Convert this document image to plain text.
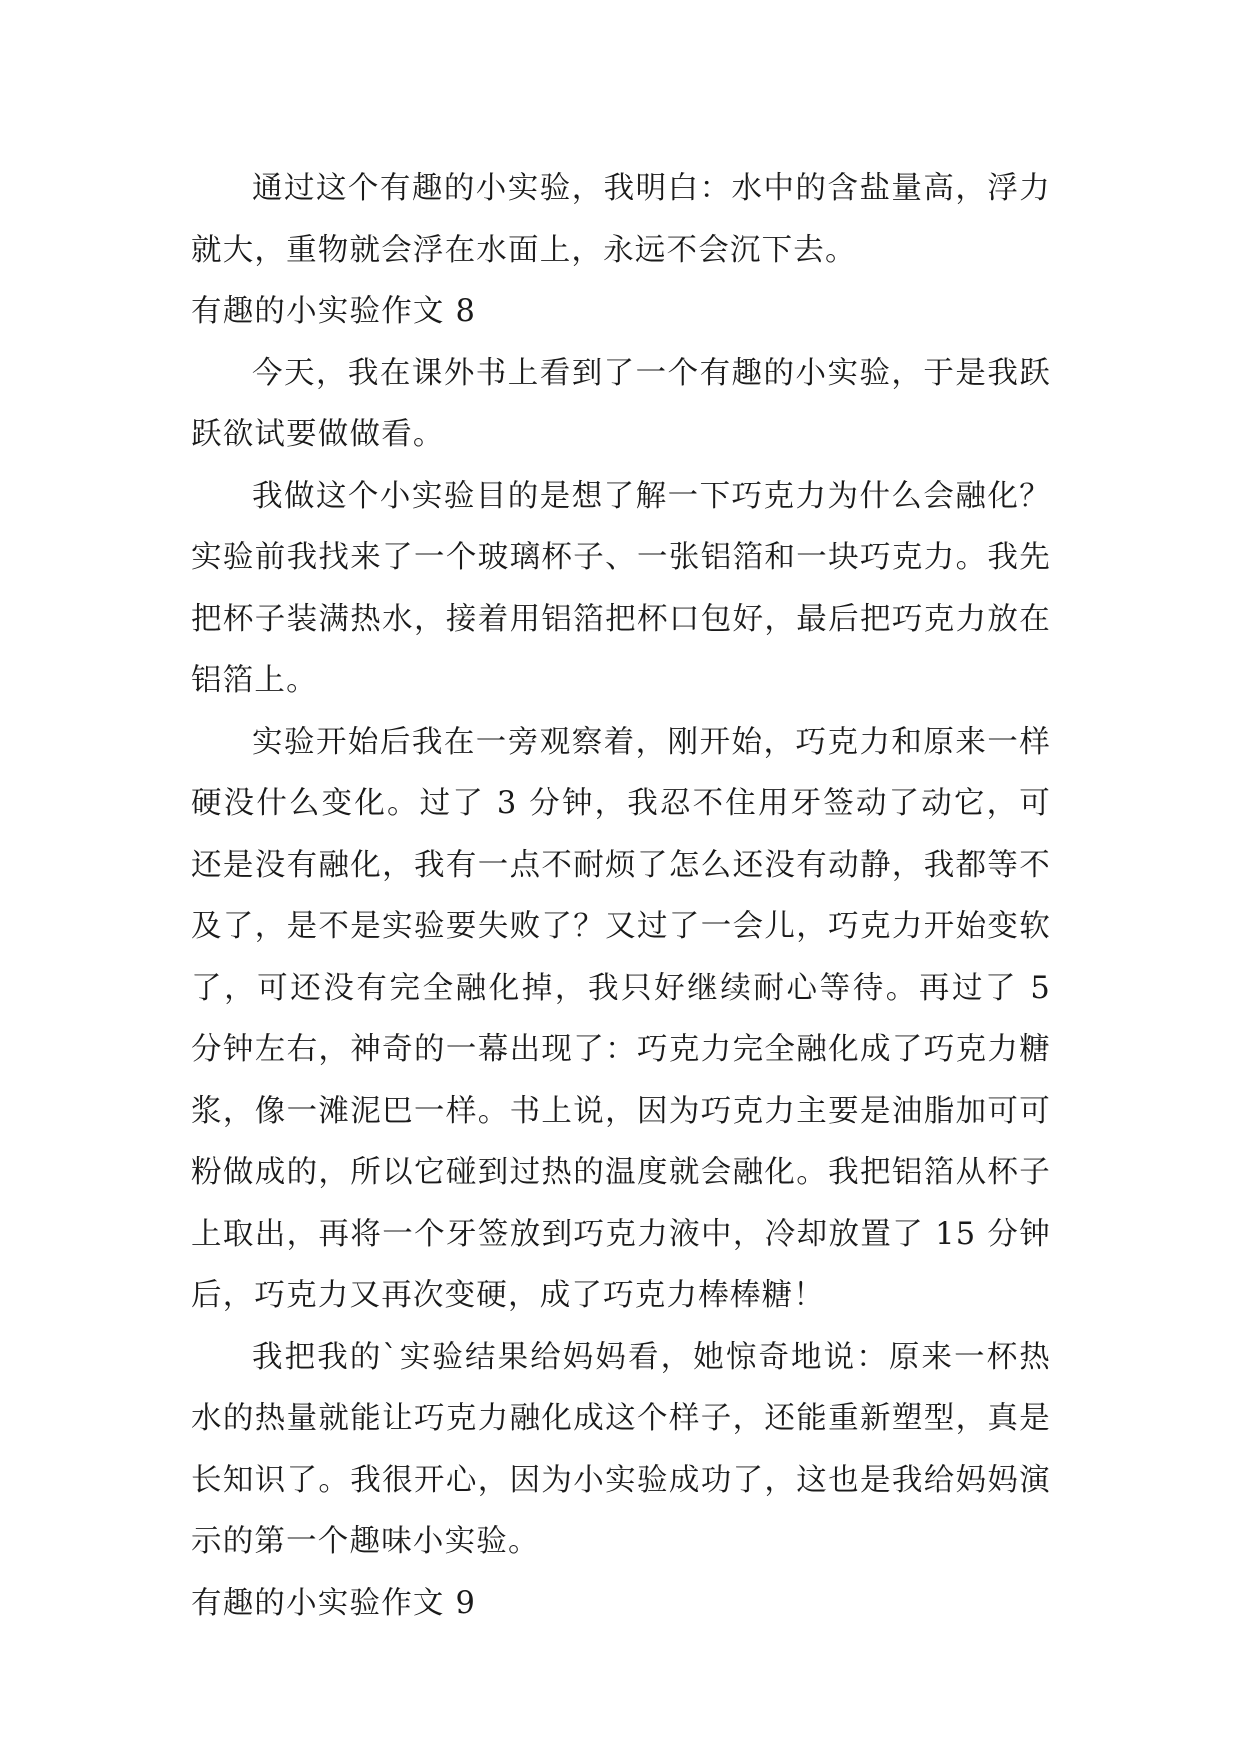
通过这个有趣的小实验，我明白：水中的含盐量高，浮力就大，重物就会浮在水面上，永远不会沉下去。

有趣的小实验作文 8

今天，我在课外书上看到了一个有趣的小实验，于是我跃跃欲试要做做看。

我做这个小实验目的是想了解一下巧克力为什么会融化？实验前我找来了一个玻璃杯子、一张铝箔和一块巧克力。我先把杯子装满热水，接着用铝箔把杯口包好，最后把巧克力放在铝箔上。

实验开始后我在一旁观察着，刚开始，巧克力和原来一样硬没什么变化。过了 3 分钟，我忍不住用牙签动了动它，可还是没有融化，我有一点不耐烦了怎么还没有动静，我都等不及了，是不是实验要失败了？又过了一会儿，巧克力开始变软了，可还没有完全融化掉，我只好继续耐心等待。再过了 5 分钟左右，神奇的一幕出现了：巧克力完全融化成了巧克力糖浆，像一滩泥巴一样。书上说，因为巧克力主要是油脂加可可粉做成的，所以它碰到过热的温度就会融化。我把铝箔从杯子上取出，再将一个牙签放到巧克力液中，冷却放置了 15 分钟后，巧克力又再次变硬，成了巧克力棒棒糖！

我把我的`实验结果给妈妈看，她惊奇地说：原来一杯热水的热量就能让巧克力融化成这个样子，还能重新塑型，真是长知识了。我很开心，因为小实验成功了，这也是我给妈妈演示的第一个趣味小实验。

有趣的小实验作文 9
